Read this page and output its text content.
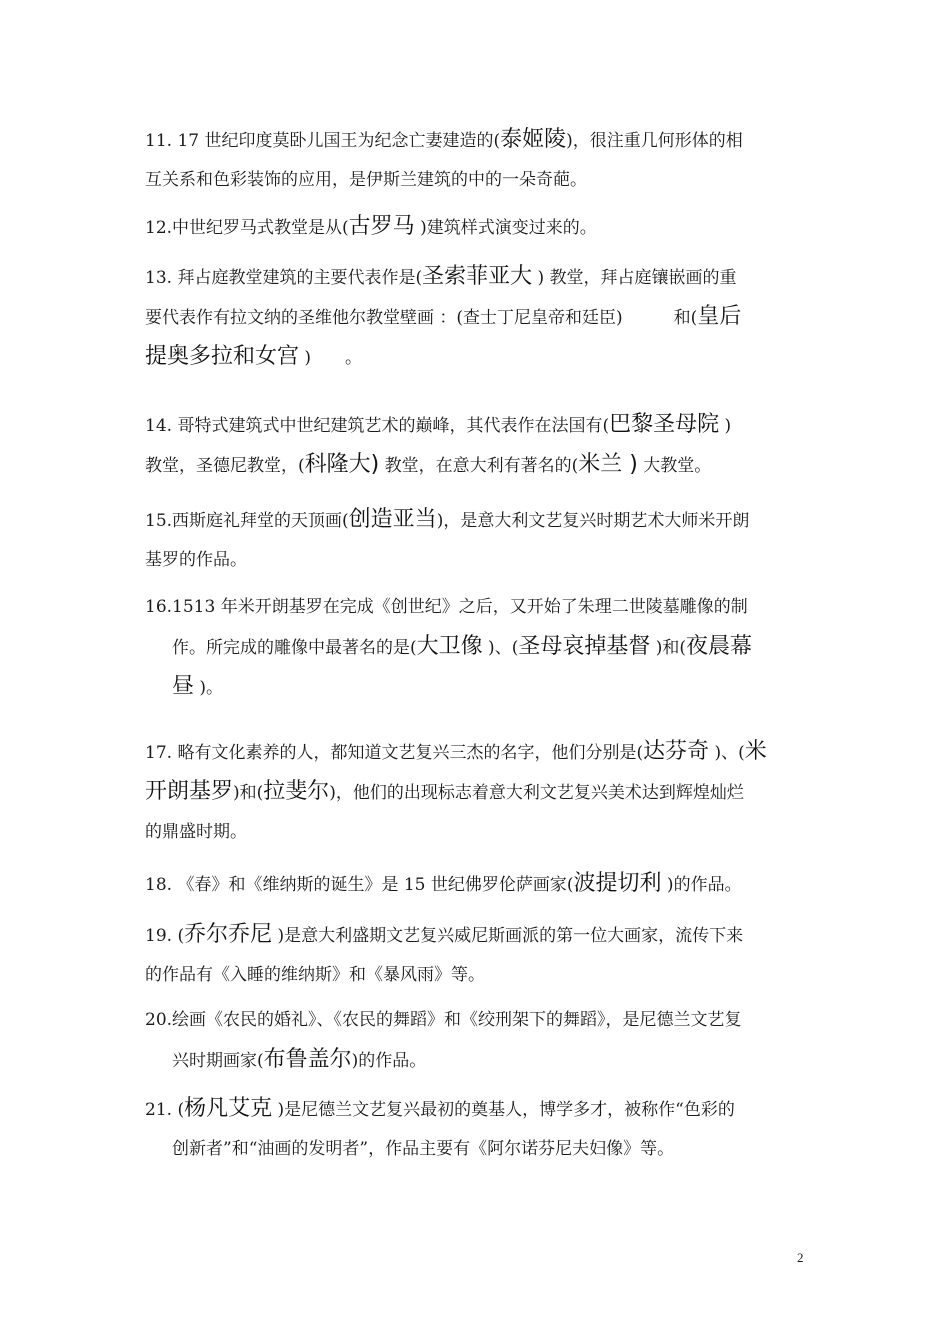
11. 17 世纪印度莫卧儿国王为纪念亡妻建造的(泰姬陵)，很注重几何形体的相
互关系和色彩装饰的应用，是伊斯兰建筑的中的一朵奇葩。
12.中世纪罗马式教堂是从(古罗马 )建筑样式演变过来的。
13. 拜占庭教堂建筑的主要代表作是(圣索菲亚大 ) 教堂，拜占庭镶嵌画的重
要代表作有拉文纳的圣维他尔教堂壁画 ：(查士丁尼皇帝和廷臣)　　　和(皇后
提奥多拉和女宫 )　　。
14. 哥特式建筑式中世纪建筑艺术的巅峰，其代表作在法国有(巴黎圣母院 )
教堂，圣德尼教堂，(科隆大) 教堂，在意大利有著名的(米兰 ) 大教堂。
15.西斯庭礼拜堂的天顶画(创造亚当)，是意大利文艺复兴时期艺术大师米开朗
基罗的作品。
16.1513 年米开朗基罗在完成《创世纪》之后，又开始了朱理二世陵墓雕像的制
作。所完成的雕像中最著名的是(大卫像 )、(圣母哀掉基督 )和(夜晨幕
昼 )。
17. 略有文化素养的人，都知道文艺复兴三杰的名字，他们分别是(达芬奇 )、(米
开朗基罗)和(拉斐尔)，他们的出现标志着意大利文艺复兴美术达到辉煌灿烂
的鼎盛时期。
18. 《春》和《维纳斯的诞生》是 15 世纪佛罗伦萨画家(波提切利 )的作品。
19. (乔尔乔尼 )是意大利盛期文艺复兴威尼斯画派的第一位大画家，流传下来
的作品有《入睡的维纳斯》和《暴风雨》等。
20.绘画《农民的婚礼》、《农民的舞蹈》和《绞刑架下的舞蹈》，是尼德兰文艺复
兴时期画家(布鲁盖尔)的作品。
21. (杨凡艾克 )是尼德兰文艺复兴最初的奠基人，博学多才，被称作“色彩的
创新者”和“油画的发明者”，作品主要有《阿尔诺芬尼夫妇像》等。
2
